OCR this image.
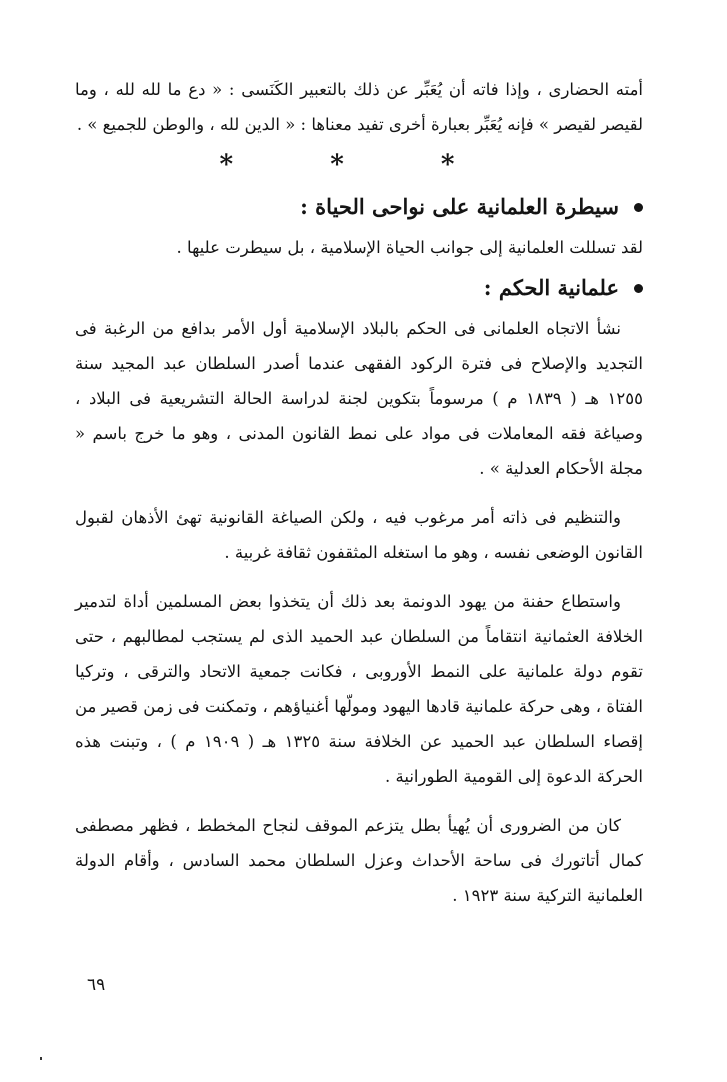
أمته الحضارى ، وإذا فاته أن يُعَبِّر عن ذلك بالتعبير الكَنَسى : « دع ما لله لله ، وما لقيصر لقيصر » فإنه يُعَبِّر بعبارة أخرى تفيد معناها : « الدين لله ، والوطن للجميع » .

* * *
سيطرة العلمانية على نواحى الحياة :

لقد تسللت العلمانية إلى جوانب الحياة الإسلامية ، بل سيطرت عليها .

علمانية الحكم :

نشأ الاتجاه العلمانى فى الحكم بالبلاد الإسلامية أول الأمر بدافع من الرغبة فى التجديد والإصلاح فى فترة الركود الفقهى عندما أصدر السلطان عبد المجيد سنة ١٢٥٥ هـ ( ١٨٣٩ م ) مرسوماً بتكوين لجنة لدراسة الحالة التشريعية فى البلاد ، وصياغة فقه المعاملات فى مواد على نمط القانون المدنى ، وهو ما خرج باسم « مجلة الأحكام العدلية » .

والتنظيم فى ذاته أمر مرغوب فيه ، ولكن الصياغة القانونية تهئ الأذهان لقبول القانون الوضعى نفسه ، وهو ما استغله المثقفون ثقافة غربية .

واستطاع حفنة من يهود الدونمة بعد ذلك أن يتخذوا بعض المسلمين أداة لتدمير الخلافة العثمانية انتقاماً من السلطان عبد الحميد الذى لم يستجب لمطالبهم ، حتى تقوم دولة علمانية على النمط الأوروبى ، فكانت جمعية الاتحاد والترقى ، وتركيا الفتاة ، وهى حركة علمانية قادها اليهود ومولّها أغنياؤهم ، وتمكنت فى زمن قصير من إقصاء السلطان عبد الحميد عن الخلافة سنة ١٣٢٥ هـ ( ١٩٠٩ م ) ، وتبنت هذه الحركة الدعوة إلى القومية الطورانية .

كان من الضرورى أن يُهيأ بطل يتزعم الموقف لنجاح المخطط ، فظهر مصطفى كمال أتاتورك فى ساحة الأحداث وعزل السلطان محمد السادس ، وأقام الدولة العلمانية التركية سنة ١٩٢٣ .

٦٩
